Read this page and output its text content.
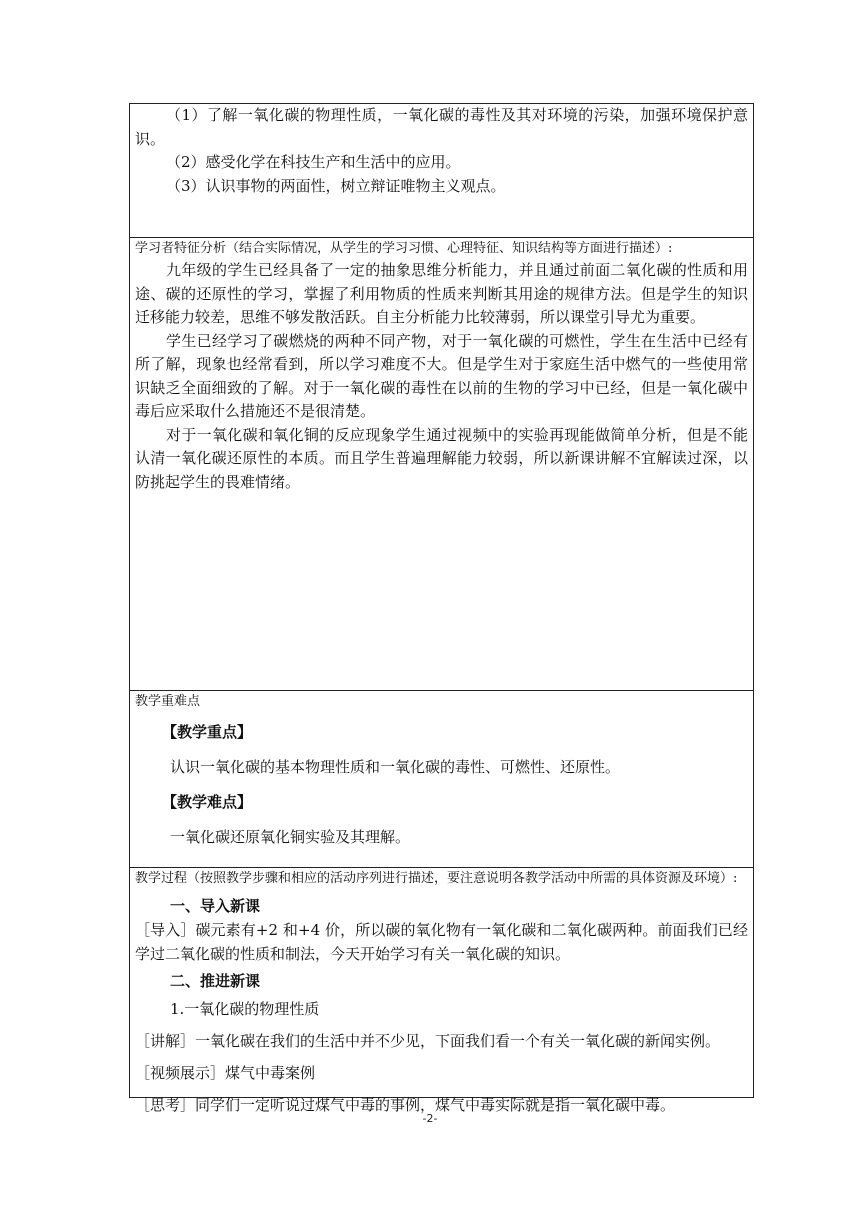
（1）了解一氧化碳的物理性质，一氧化碳的毒性及其对环境的污染，加强环境保护意识。

（2）感受化学在科技生产和生活中的应用。

（3）认识事物的两面性，树立辩证唯物主义观点。

学习者特征分析（结合实际情况，从学生的学习习惯、心理特征、知识结构等方面进行描述）:

九年级的学生已经具备了一定的抽象思维分析能力，并且通过前面二氧化碳的性质和用途、碳的还原性的学习，掌握了利用物质的性质来判断其用途的规律方法。但是学生的知识迁移能力较差，思维不够发散活跃。自主分析能力比较薄弱，所以课堂引导尤为重要。

学生已经学习了碳燃烧的两种不同产物，对于一氧化碳的可燃性，学生在生活中已经有所了解，现象也经常看到，所以学习难度不大。但是学生对于家庭生活中燃气的一些使用常识缺乏全面细致的了解。对于一氧化碳的毒性在以前的生物的学习中已经，但是一氧化碳中毒后应采取什么措施还不是很清楚。

对于一氧化碳和氧化铜的反应现象学生通过视频中的实验再现能做简单分析，但是不能认清一氧化碳还原性的本质。而且学生普遍理解能力较弱，所以新课讲解不宜解读过深，以防挑起学生的畏难情绪。

教学重难点

【教学重点】

认识一氧化碳的基本物理性质和一氧化碳的毒性、可燃性、还原性。

【教学难点】

一氧化碳还原氧化铜实验及其理解。

教学过程（按照教学步骤和相应的活动序列进行描述，要注意说明各教学活动中所需的具体资源及环境）:

一、导入新课

［导入］碳元素有+2 和+4 价，所以碳的氧化物有一氧化碳和二氧化碳两种。前面我们已经学过二氧化碳的性质和制法，今天开始学习有关一氧化碳的知识。

二、推进新课

1.一氧化碳的物理性质

［讲解］一氧化碳在我们的生活中并不少见，下面我们看一个有关一氧化碳的新闻实例。

［视频展示］煤气中毒案例

［思考］同学们一定听说过煤气中毒的事例，煤气中毒实际就是指一氧化碳中毒。

-2-
